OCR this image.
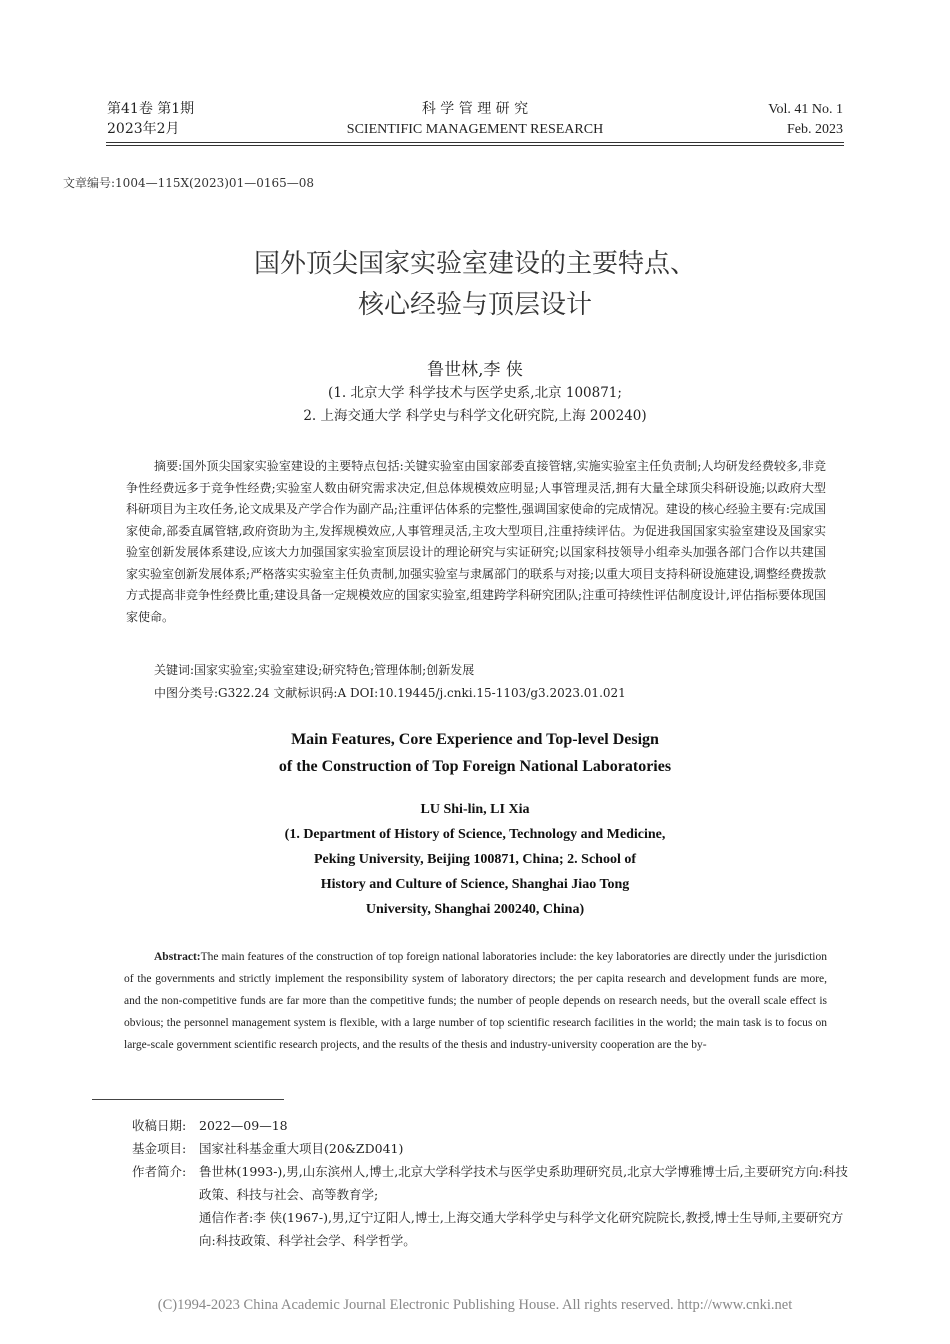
第41卷 第1期
2023年2月
科 学 管 理 研 究
SCIENTIFIC MANAGEMENT RESEARCH
Vol. 41 No. 1
Feb. 2023
文章编号:1004—115X(2023)01—0165—08
国外顶尖国家实验室建设的主要特点、
核心经验与顶层设计
鲁世林,李 侠
(1. 北京大学 科学技术与医学史系,北京 100871;
2. 上海交通大学 科学史与科学文化研究院,上海 200240)
摘要:国外顶尖国家实验室建设的主要特点包括:关键实验室由国家部委直接管辖,实施实验室主任负责制;人均研发经费较多,非竞争性经费远多于竞争性经费;实验室人数由研究需求决定,但总体规模效应明显;人事管理灵活,拥有大量全球顶尖科研设施;以政府大型科研项目为主攻任务,论文成果及产学合作为副产品;注重评估体系的完整性,强调国家使命的完成情况。建设的核心经验主要有:完成国家使命,部委直属管辖,政府资助为主,发挥规模效应,人事管理灵活,主攻大型项目,注重持续评估。为促进我国国家实验室建设及国家实验室创新发展体系建设,应该大力加强国家实验室顶层设计的理论研究与实证研究;以国家科技领导小组牵头加强各部门合作以共建国家实验室创新发展体系;严格落实实验室主任负责制,加强实验室与隶属部门的联系与对接;以重大项目支持科研设施建设,调整经费拨款方式提高非竞争性经费比重;建设具备一定规模效应的国家实验室,组建跨学科研究团队;注重可持续性评估制度设计,评估指标要体现国家使命。
关键词:国家实验室;实验室建设;研究特色;管理体制;创新发展
中图分类号:G322.24 文献标识码:A DOI:10.19445/j.cnki.15-1103/g3.2023.01.021
Main Features, Core Experience and Top-level Design
of the Construction of Top Foreign National Laboratories
LU Shi-lin, LI Xia
(1. Department of History of Science, Technology and Medicine,
Peking University, Beijing 100871, China; 2. School of
History and Culture of Science, Shanghai Jiao Tong
University, Shanghai 200240, China)
Abstract:The main features of the construction of top foreign national laboratories include: the key laboratories are directly under the jurisdiction of the governments and strictly implement the responsibility system of laboratory directors; the per capita research and development funds are more, and the non-competitive funds are far more than the competitive funds; the number of people depends on research needs, but the overall scale effect is obvious; the personnel management system is flexible, with a large number of top scientific research facilities in the world; the main task is to focus on large-scale government scientific research projects, and the results of the thesis and industry-university cooperation are the by-
收稿日期: 2022—09—18
基金项目: 国家社科基金重大项目(20&ZD041)
作者简介: 鲁世林(1993-),男,山东滨州人,博士,北京大学科学技术与医学史系助理研究员,北京大学博雅博士后,主要研究方向:科技政策、科技与社会、高等教育学;
通信作者:李 侠(1967-),男,辽宁辽阳人,博士,上海交通大学科学史与科学文化研究院院长,教授,博士生导师,主要研究方向:科技政策、科学社会学、科学哲学。
(C)1994-2023 China Academic Journal Electronic Publishing House. All rights reserved. http://www.cnki.net
